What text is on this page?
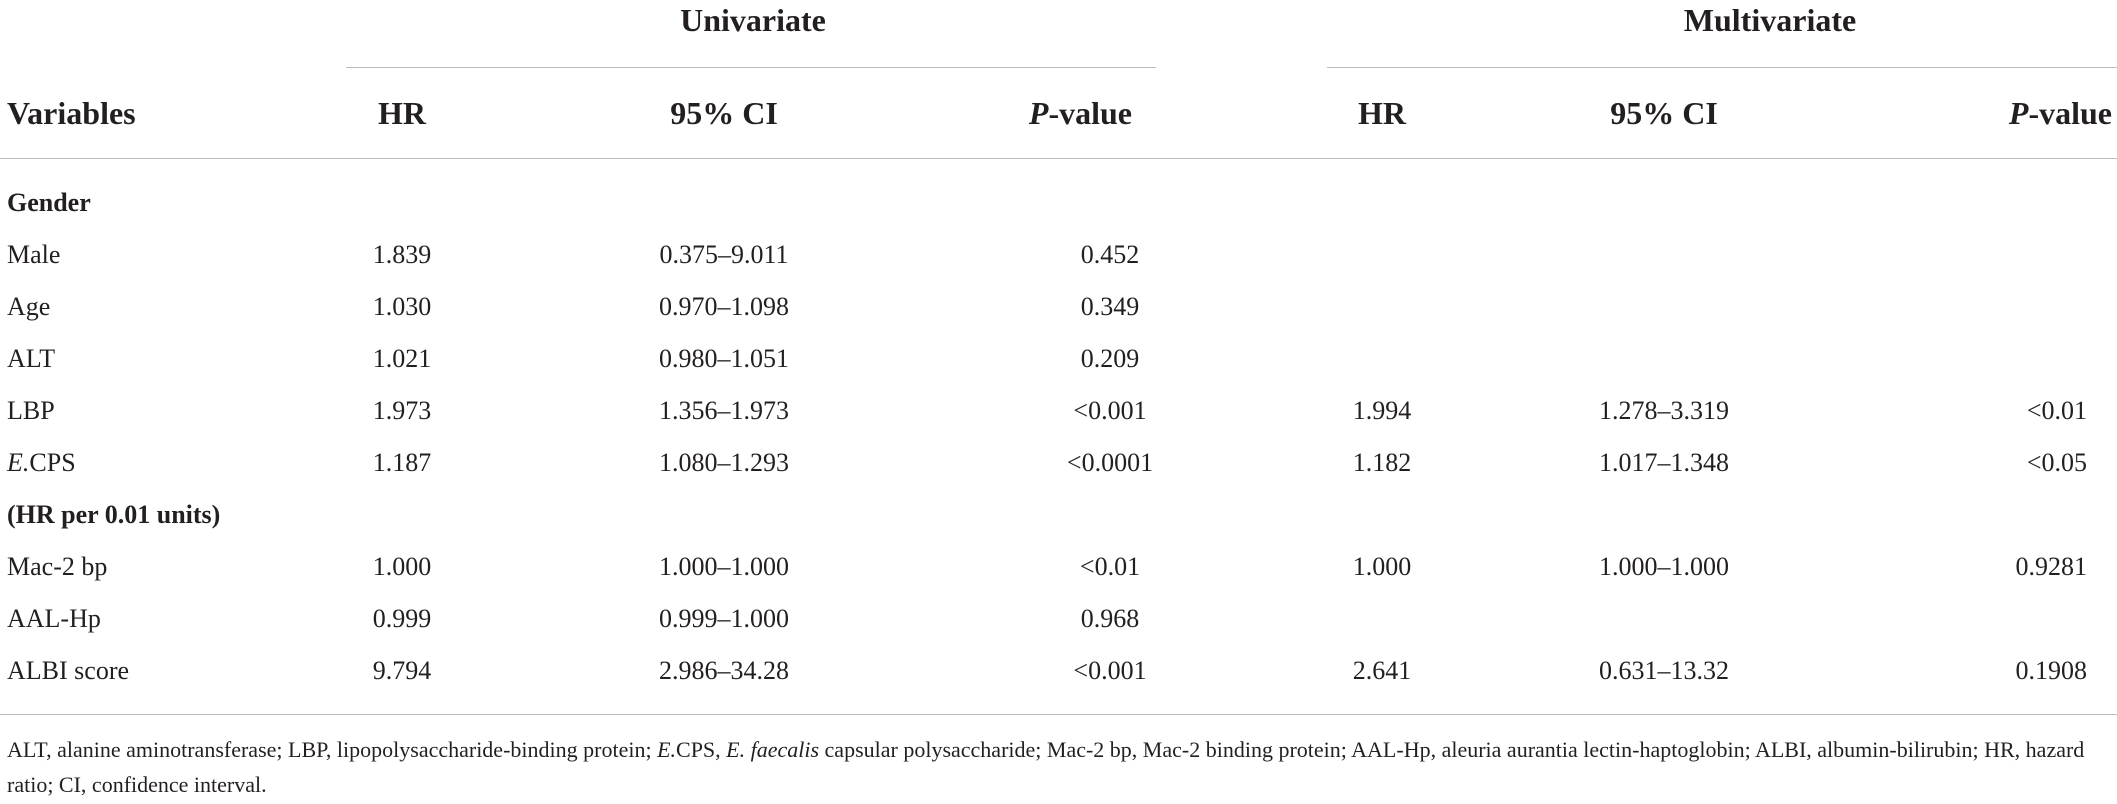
Univariate	Multivariate
Variables	HR	95% CI	P-value	HR	95% CI	P-value
Gender
Male	1.839	0.375–9.011	0.452
Age	1.030	0.970–1.098	0.349
ALT	1.021	0.980–1.051	0.209
LBP	1.973	1.356–1.973	<0.001	1.994	1.278–3.319	<0.01
E.CPS	1.187	1.080–1.293	<0.0001	1.182	1.017–1.348	<0.05
(HR per 0.01 units)
Mac-2 bp	1.000	1.000–1.000	<0.01	1.000	1.000–1.000	0.9281
AAL-Hp	0.999	0.999–1.000	0.968
ALBI score	9.794	2.986–34.28	<0.001	2.641	0.631–13.32	0.1908
ALT, alanine aminotransferase; LBP, lipopolysaccharide-binding protein; E.CPS, E. faecalis capsular polysaccharide; Mac-2 bp, Mac-2 binding protein; AAL-Hp, aleuria aurantia lectin-haptoglobin; ALBI, albumin-bilirubin; HR, hazard ratio; CI, confidence interval.
